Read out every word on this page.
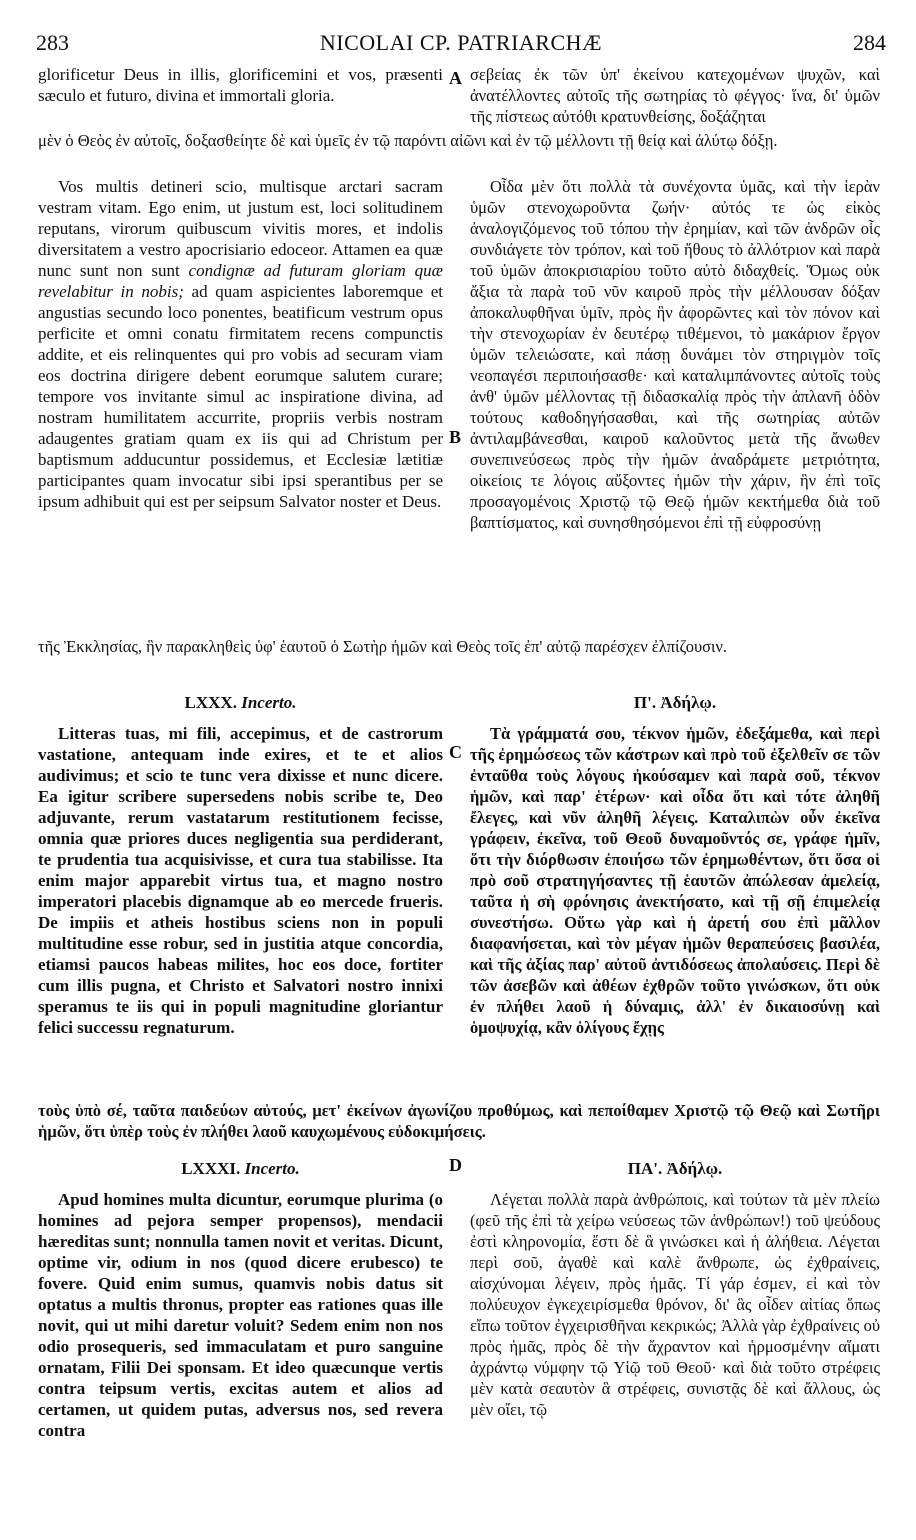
283	NICOLAI CP. PATRIARCHÆ	284
A
B
C
D

glorificetur Deus in illis, glorificemini et vos, præsenti sæculo et futuro, divina et immortali gloria.

σεβείας ἐκ τῶν ὑπ' ἐκείνου κατεχομένων ψυχῶν, καὶ ἀνατέλλοντες αὐτοῖς τῆς σωτηρίας τὸ φέγγος· ἵνα, δι' ὑμῶν τῆς πίστεως αὐτόθι κρατυνθείσης, δοξάζηται

μὲν ὁ Θεὸς ἐν αὐτοῖς, δοξασθείητε δὲ καὶ ὑμεῖς ἐν τῷ παρόντι αἰῶνι καὶ ἐν τῷ μέλλοντι τῇ θείᾳ καὶ ἀλύτῳ δόξῃ.

Vos multis detineri scio, multisque arctari sacram vestram vitam. Ego enim, ut justum est, loci solitudinem reputans, virorum quibuscum vivitis mores, et indolis diversitatem a vestro apocrisiario edoceor. Attamen ea quæ nunc sunt non sunt condignæ ad futuram gloriam quæ revelabitur in nobis; ad quam aspicientes laboremque et angustias secundo loco ponentes, beatificum vestrum opus perficite et omni conatu firmitatem recens compunctis addite, et eis relinquentes qui pro vobis ad securam viam eos doctrina dirigere debent eorumque salutem curare; tempore vos invitante simul ac inspiratione divina, ad nostram humilitatem accurrite, propriis verbis nostram adaugentes gratiam quam ex iis qui ad Christum per baptismum adducuntur possidemus, et Ecclesiæ lætitiæ participantes quam invocatur sibi ipsi sperantibus per se ipsum adhibuit qui est per seipsum Salvator noster et Deus.

Οἶδα μὲν ὅτι πολλὰ τὰ συνέχοντα ὑμᾶς, καὶ τὴν ἱερὰν ὑμῶν στενοχωροῦντα ζωήν· αὐτός τε ὡς εἰκὸς ἀναλογιζόμενος τοῦ τόπου τὴν ἐρημίαν, καὶ τῶν ἀνδρῶν οἷς συνδιάγετε τὸν τρόπον, καὶ τοῦ ἤθους τὸ ἀλλότριον καὶ παρὰ τοῦ ὑμῶν ἀποκρισιαρίου τοῦτο αὐτὸ διδαχθείς. Ὅμως οὐκ ἄξια τὰ παρὰ τοῦ νῦν καιροῦ πρὸς τὴν μέλλουσαν δόξαν ἀποκαλυφθῆναι ὑμῖν, πρὸς ἣν ἀφορῶντες καὶ τὸν πόνον καὶ τὴν στενοχωρίαν ἐν δευτέρῳ τιθέμενοι, τὸ μακάριον ἔργον ὑμῶν τελειώσατε, καὶ πάσῃ δυνάμει τὸν στηριγμὸν τοῖς νεοπαγέσι περιποιήσασθε· καὶ καταλιμπάνοντες αὐτοῖς τοὺς ἀνθ' ὑμῶν μέλλοντας τῇ διδασκαλίᾳ πρὸς τὴν ἀπλανῆ ὁδὸν τούτους καθοδηγήσασθαι, καὶ τῆς σωτηρίας αὐτῶν ἀντιλαμβάνεσθαι, καιροῦ καλοῦντος μετὰ τῆς ἄνωθεν συνεπινεύσεως πρὸς τὴν ἡμῶν ἀναδράμετε μετριότητα, οἰκείοις τε λόγοις αὔξοντες ἡμῶν τὴν χάριν, ἣν ἐπὶ τοῖς προσαγομένοις Χριστῷ τῷ Θεῷ ἡμῶν κεκτήμεθα διὰ τοῦ βαπτίσματος, καὶ συνησθησόμενοι ἐπὶ τῇ εὐφροσύνῃ

τῆς Ἐκκλησίας, ἣν παρακληθεὶς ὑφ' ἑαυτοῦ ὁ Σωτὴρ ἡμῶν καὶ Θεὸς τοῖς ἐπ' αὐτῷ παρέσχεν ἐλπίζουσιν.
LXXX. Incerto.

Litteras tuas, mi fili, accepimus, et de castrorum vastatione, antequam inde exires, et te et alios audivimus; et scio te tunc vera dixisse et nunc dicere. Ea igitur scribere supersedens nobis scribe te, Deo adjuvante, rerum vastatarum restitutionem fecisse, omnia quæ priores duces negligentia sua perdiderant, te prudentia tua acquisivisse, et cura tua stabilisse. Ita enim major apparebit virtus tua, et magno nostro imperatori placebis dignamque ab eo mercede frueris. De impiis et atheis hostibus sciens non in populi multitudine esse robur, sed in justitia atque concordia, etiamsi paucos habeas milites, hoc eos doce, fortiter cum illis pugna, et Christo et Salvatori nostro innixi speramus te iis qui in populi magnitudine gloriantur felici successu regnaturum.

Π'. Ἀδήλῳ.

Τὰ γράμματά σου, τέκνον ἡμῶν, ἐδεξάμεθα, καὶ περὶ τῆς ἐρημώσεως τῶν κάστρων καὶ πρὸ τοῦ ἐξελθεῖν σε τῶν ἐνταῦθα τοὺς λόγους ἠκούσαμεν καὶ παρὰ σοῦ, τέκνον ἡμῶν, καὶ παρ' ἑτέρων· καὶ οἶδα ὅτι καὶ τότε ἀληθῆ ἔλεγες, καὶ νῦν ἀληθῆ λέγεις. Καταλιπὼν οὖν ἐκεῖνα γράφειν, ἐκεῖνα, τοῦ Θεοῦ δυναμοῦντός σε, γράφε ἡμῖν, ὅτι τὴν διόρθωσιν ἐποιήσω τῶν ἐρημωθέντων, ὅτι ὅσα οἱ πρὸ σοῦ στρατηγήσαντες τῇ ἑαυτῶν ἀπώλεσαν ἀμελείᾳ, ταῦτα ἡ σὴ φρόνησις ἀνεκτήσατο, καὶ τῇ σῇ ἐπιμελείᾳ συνεστήσω. Οὕτω γὰρ καὶ ἡ ἀρετή σου ἐπὶ μᾶλλον διαφανήσεται, καὶ τὸν μέγαν ἡμῶν θεραπεύσεις βασιλέα, καὶ τῆς ἀξίας παρ' αὐτοῦ ἀντιδόσεως ἀπολαύσεις. Περὶ δὲ τῶν ἀσεβῶν καὶ ἀθέων ἐχθρῶν τοῦτο γινώσκων, ὅτι οὐκ ἐν πλήθει λαοῦ ἡ δύναμις, ἀλλ' ἐν δικαιοσύνῃ καὶ ὁμοψυχίᾳ, κἂν ὀλίγους ἔχῃς

τοὺς ὑπὸ σέ, ταῦτα παιδεύων αὐτούς, μετ' ἐκείνων ἀγωνίζου προθύμως, καὶ πεποίθαμεν Χριστῷ τῷ Θεῷ καὶ Σωτῆρι ἡμῶν, ὅτι ὑπὲρ τοὺς ἐν πλήθει λαοῦ καυχωμένους εὐδοκιμήσεις.
LXXXI. Incerto.

Apud homines multa dicuntur, eorumque plurima (o homines ad pejora semper propensos), mendacii hæreditas sunt; nonnulla tamen novit et veritas. Dicunt, optime vir, odium in nos (quod dicere erubesco) te fovere. Quid enim sumus, quamvis nobis datus sit optatus a multis thronus, propter eas rationes quas ille novit, qui ut mihi daretur voluit? Sedem enim non nos odio prosequeris, sed immaculatam et puro sanguine ornatam, Filii Dei sponsam. Et ideo quæcunque vertis contra teipsum vertis, excitas autem et alios ad certamen, ut quidem putas, adversus nos, sed revera contra

ΠΑ'. Ἀδήλῳ.

Λέγεται πολλὰ παρὰ ἀνθρώποις, καὶ τούτων τὰ μὲν πλείω (φεῦ τῆς ἐπὶ τὰ χείρω νεύσεως τῶν ἀνθρώπων!) τοῦ ψεύδους ἐστὶ κληρονομία, ἔστι δὲ ἃ γινώσκει καὶ ἡ ἀλήθεια. Λέγεται περὶ σοῦ, ἀγαθὲ καὶ καλὲ ἄνθρωπε, ὡς ἐχθραίνεις, αἰσχύνομαι λέγειν, πρὸς ἡμᾶς. Τί γάρ ἐσμεν, εἰ καὶ τὸν πολύευχον ἐγκεχειρίσμεθα θρόνον, δι' ἃς οἶδεν αἰτίας ὅπως εἴπω τοῦτον ἐγχειρισθῆναι κεκρικώς; Ἀλλὰ γὰρ ἐχθραίνεις οὐ πρὸς ἡμᾶς, πρὸς δὲ τὴν ἄχραντον καὶ ἡρμοσμένην αἵματι ἀχράντῳ νύμφην τῷ Υἱῷ τοῦ Θεοῦ· καὶ διὰ τοῦτο στρέφεις μὲν κατὰ σεαυτὸν ἃ στρέφεις, συνιστᾷς δὲ καὶ ἄλλους, ὡς μὲν οἴει, τῷ
